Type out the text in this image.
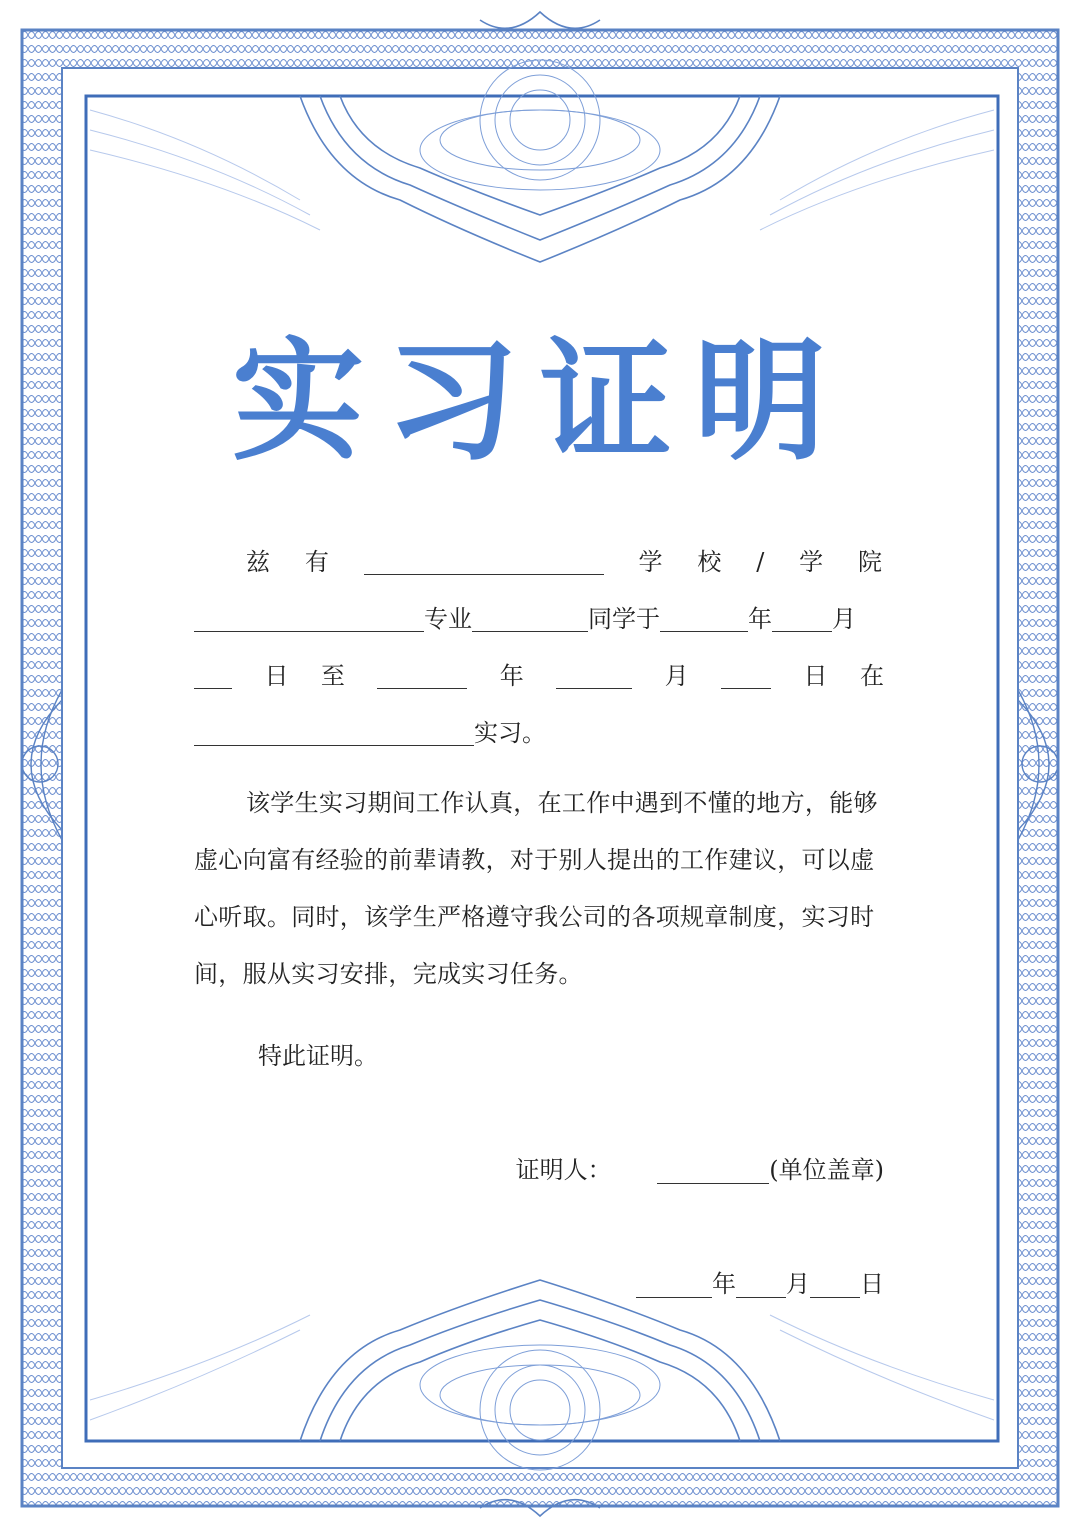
实习证明
兹 有	学 校 / 学 院
专业	同学于	年	月
日 至	年	月	日 在
实习。
该学生实习期间工作认真，在工作中遇到不懂的地方，能够虚心向富有经验的前辈请教，对于别人提出的工作建议，可以虚心听取。同时，该学生严格遵守我公司的各项规章制度，实习时间，服从实习安排，完成实习任务。
特此证明。
证明人：	(单位盖章)
年 月 日
